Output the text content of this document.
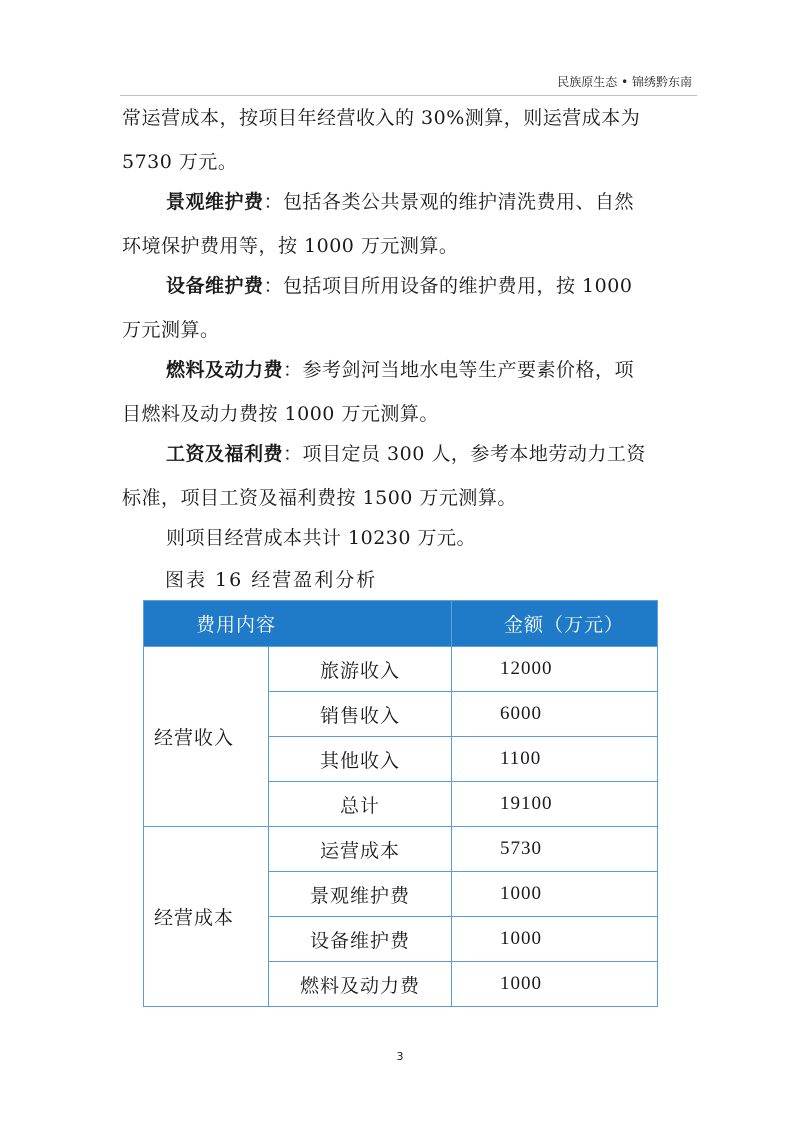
民族原生态 • 锦绣黔东南
常运营成本，按项目年经营收入的 30%测算，则运营成本为
5730 万元。
景观维护费：包括各类公共景观的维护清洗费用、自然
环境保护费用等，按 1000 万元测算。
设备维护费：包括项目所用设备的维护费用，按 1000
万元测算。
燃料及动力费：参考剑河当地水电等生产要素价格，项
目燃料及动力费按 1000 万元测算。
工资及福利费：项目定员 300 人，参考本地劳动力工资
标准，项目工资及福利费按 1500 万元测算。
则项目经营成本共计 10230 万元。
图表 16 经营盈利分析
费用内容		金额（万元）
经营收入	旅游收入	12000
	销售收入	6000
	其他收入	1100
	总计	19100
经营成本	运营成本	5730
	景观维护费	1000
	设备维护费	1000
	燃料及动力费	1000
3
